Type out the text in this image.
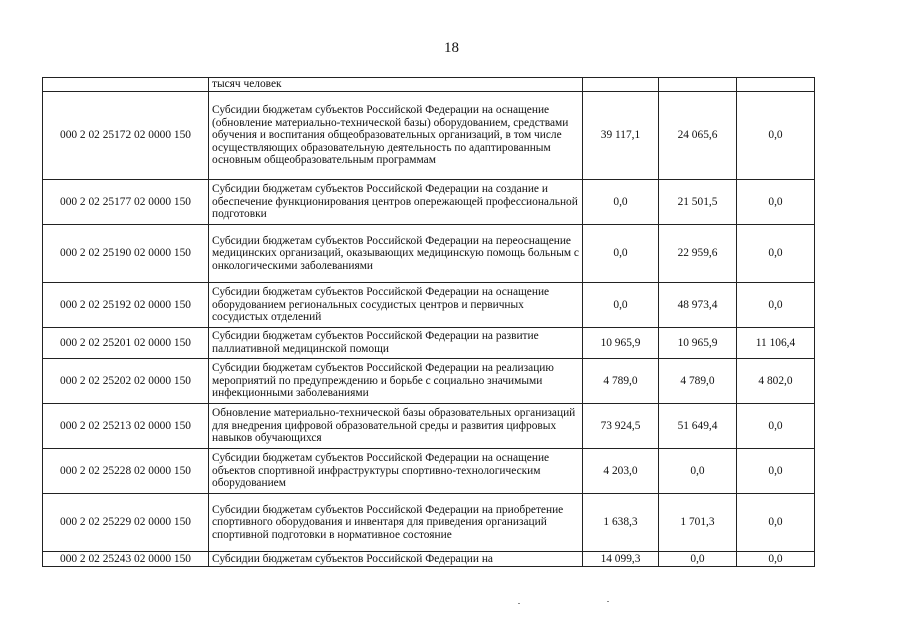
18
	тысяч человек			
000 2 02 25172 02 0000 150	Субсидии бюджетам субъектов Российской Федерации на оснащение (обновление материально-технической базы) оборудованием, средствами обучения и воспитания общеобразовательных организаций, в том числе осуществляющих образовательную деятельность по адаптированным основным общеобразовательным программам	39 117,1	24 065,6	0,0
000 2 02 25177 02 0000 150	Субсидии бюджетам субъектов Российской Федерации на создание и обеспечение функционирования центров опережающей профессиональной подготовки	0,0	21 501,5	0,0
000 2 02 25190 02 0000 150	Субсидии бюджетам субъектов Российской Федерации на переоснащение медицинских организаций, оказывающих медицинскую помощь больным с онкологическими заболеваниями	0,0	22 959,6	0,0
000 2 02 25192 02 0000 150	Субсидии бюджетам субъектов Российской Федерации на оснащение оборудованием региональных сосудистых центров и первичных сосудистых отделений	0,0	48 973,4	0,0
000 2 02 25201 02 0000 150	Субсидии бюджетам субъектов Российской Федерации на развитие паллиативной медицинской помощи	10 965,9	10 965,9	11 106,4
000 2 02 25202 02 0000 150	Субсидии бюджетам субъектов Российской Федерации на реализацию мероприятий по предупреждению и борьбе с социально значимыми инфекционными заболеваниями	4 789,0	4 789,0	4 802,0
000 2 02 25213 02 0000 150	Обновление материально-технической базы образовательных организаций для внедрения цифровой образовательной среды и развития цифровых навыков обучающихся	73 924,5	51 649,4	0,0
000 2 02 25228 02 0000 150	Субсидии бюджетам субъектов Российской Федерации на оснащение объектов спортивной инфраструктуры спортивно-технологическим оборудованием	4 203,0	0,0	0,0
000 2 02 25229 02 0000 150	Субсидии бюджетам субъектов Российской Федерации на приобретение спортивного оборудования и инвентаря для приведения организаций спортивной подготовки в нормативное состояние	1 638,3	1 701,3	0,0
000 2 02 25243 02 0000 150	Субсидии бюджетам субъектов Российской Федерации на	14 099,3	0,0	0,0
